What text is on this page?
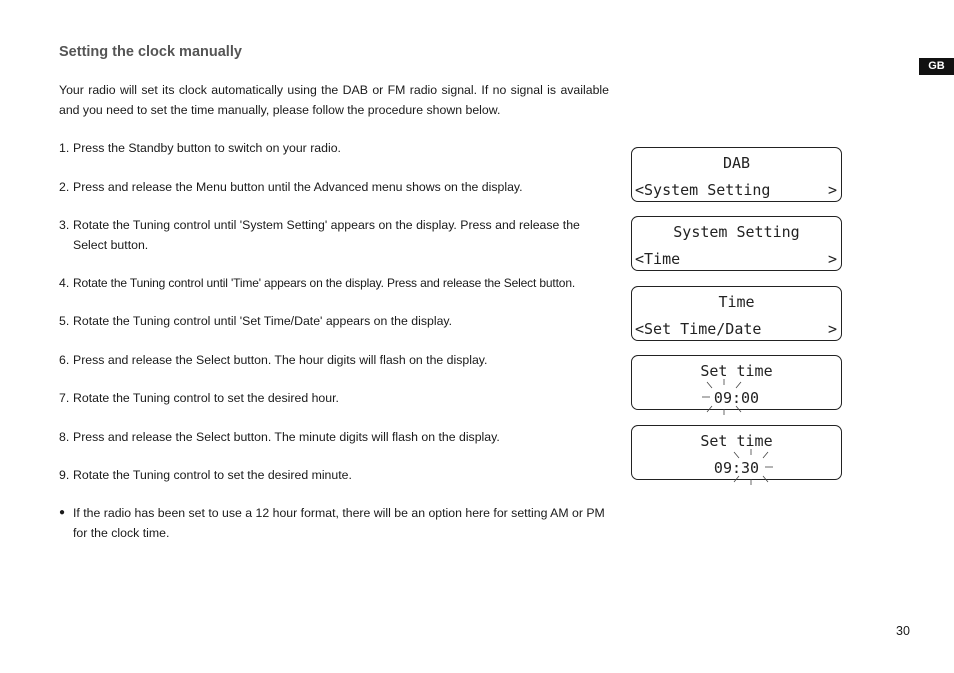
Setting the clock manually
GB

Your radio will set its clock automatically using the DAB or FM radio signal. If no signal is available and you need to set the time manually, please follow the procedure shown below.

1. Press the Standby button to switch on your radio.
2. Press and release the Menu button until the Advanced menu shows on the display.
3. Rotate the Tuning control until 'System Setting' appears on the display. Press and release the Select button.
4. Rotate the Tuning control until 'Time' appears on the display. Press and release the Select button.
5. Rotate the Tuning control until 'Set Time/Date' appears on the display.
6. Press and release the Select button. The hour digits will flash on the display.
7. Rotate the Tuning control to set the desired hour.
8. Press and release the Select button. The minute digits will flash on the display.
9. Rotate the Tuning control to set the desired minute.
● If the radio has been set to use a 12 hour format, there will be an option here for setting AM or PM for the clock time.
DAB
<System Setting	>
System Setting
<Time	>
Time
<Set Time/Date	>
Set time
09:00
Set time
09:
30
30
